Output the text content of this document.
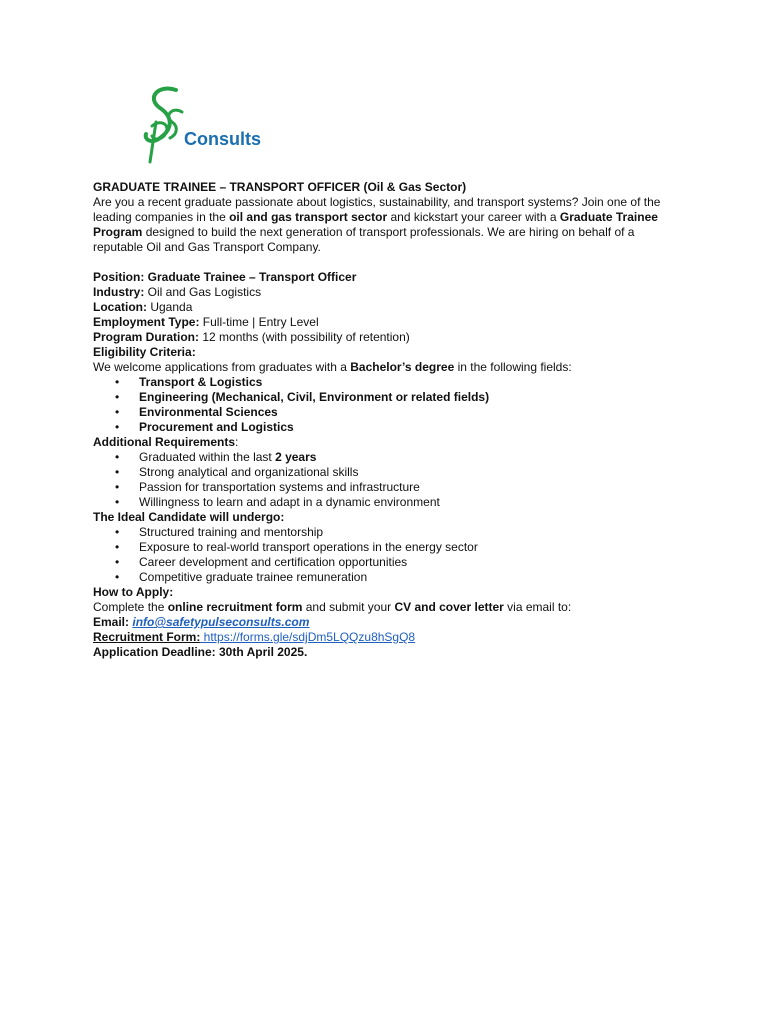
Consults

GRADUATE TRAINEE – TRANSPORT OFFICER (Oil & Gas Sector)

Are you a recent graduate passionate about logistics, sustainability, and transport systems? Join one of the leading companies in the oil and gas transport sector and kickstart your career with a Graduate Trainee Program designed to build the next generation of transport professionals. We are hiring on behalf of a reputable Oil and Gas Transport Company.

Position: Graduate Trainee – Transport Officer

Industry: Oil and Gas Logistics

Location: Uganda

Employment Type: Full-time | Entry Level

Program Duration: 12 months (with possibility of retention)

Eligibility Criteria:

We welcome applications from graduates with a Bachelor’s degree in the following fields:

• Transport & Logistics
• Engineering (Mechanical, Civil, Environment or related fields)
• Environmental Sciences
• Procurement and Logistics

Additional Requirements:

• Graduated within the last 2 years
• Strong analytical and organizational skills
• Passion for transportation systems and infrastructure
• Willingness to learn and adapt in a dynamic environment

The Ideal Candidate will undergo:

• Structured training and mentorship
• Exposure to real-world transport operations in the energy sector
• Career development and certification opportunities
• Competitive graduate trainee remuneration

How to Apply:

Complete the online recruitment form and submit your CV and cover letter via email to:

Email: info@safetypulseconsults.com

Recruitment Form: https://forms.gle/sdjDm5LQQzu8hSgQ8

Application Deadline: 30th April 2025.
